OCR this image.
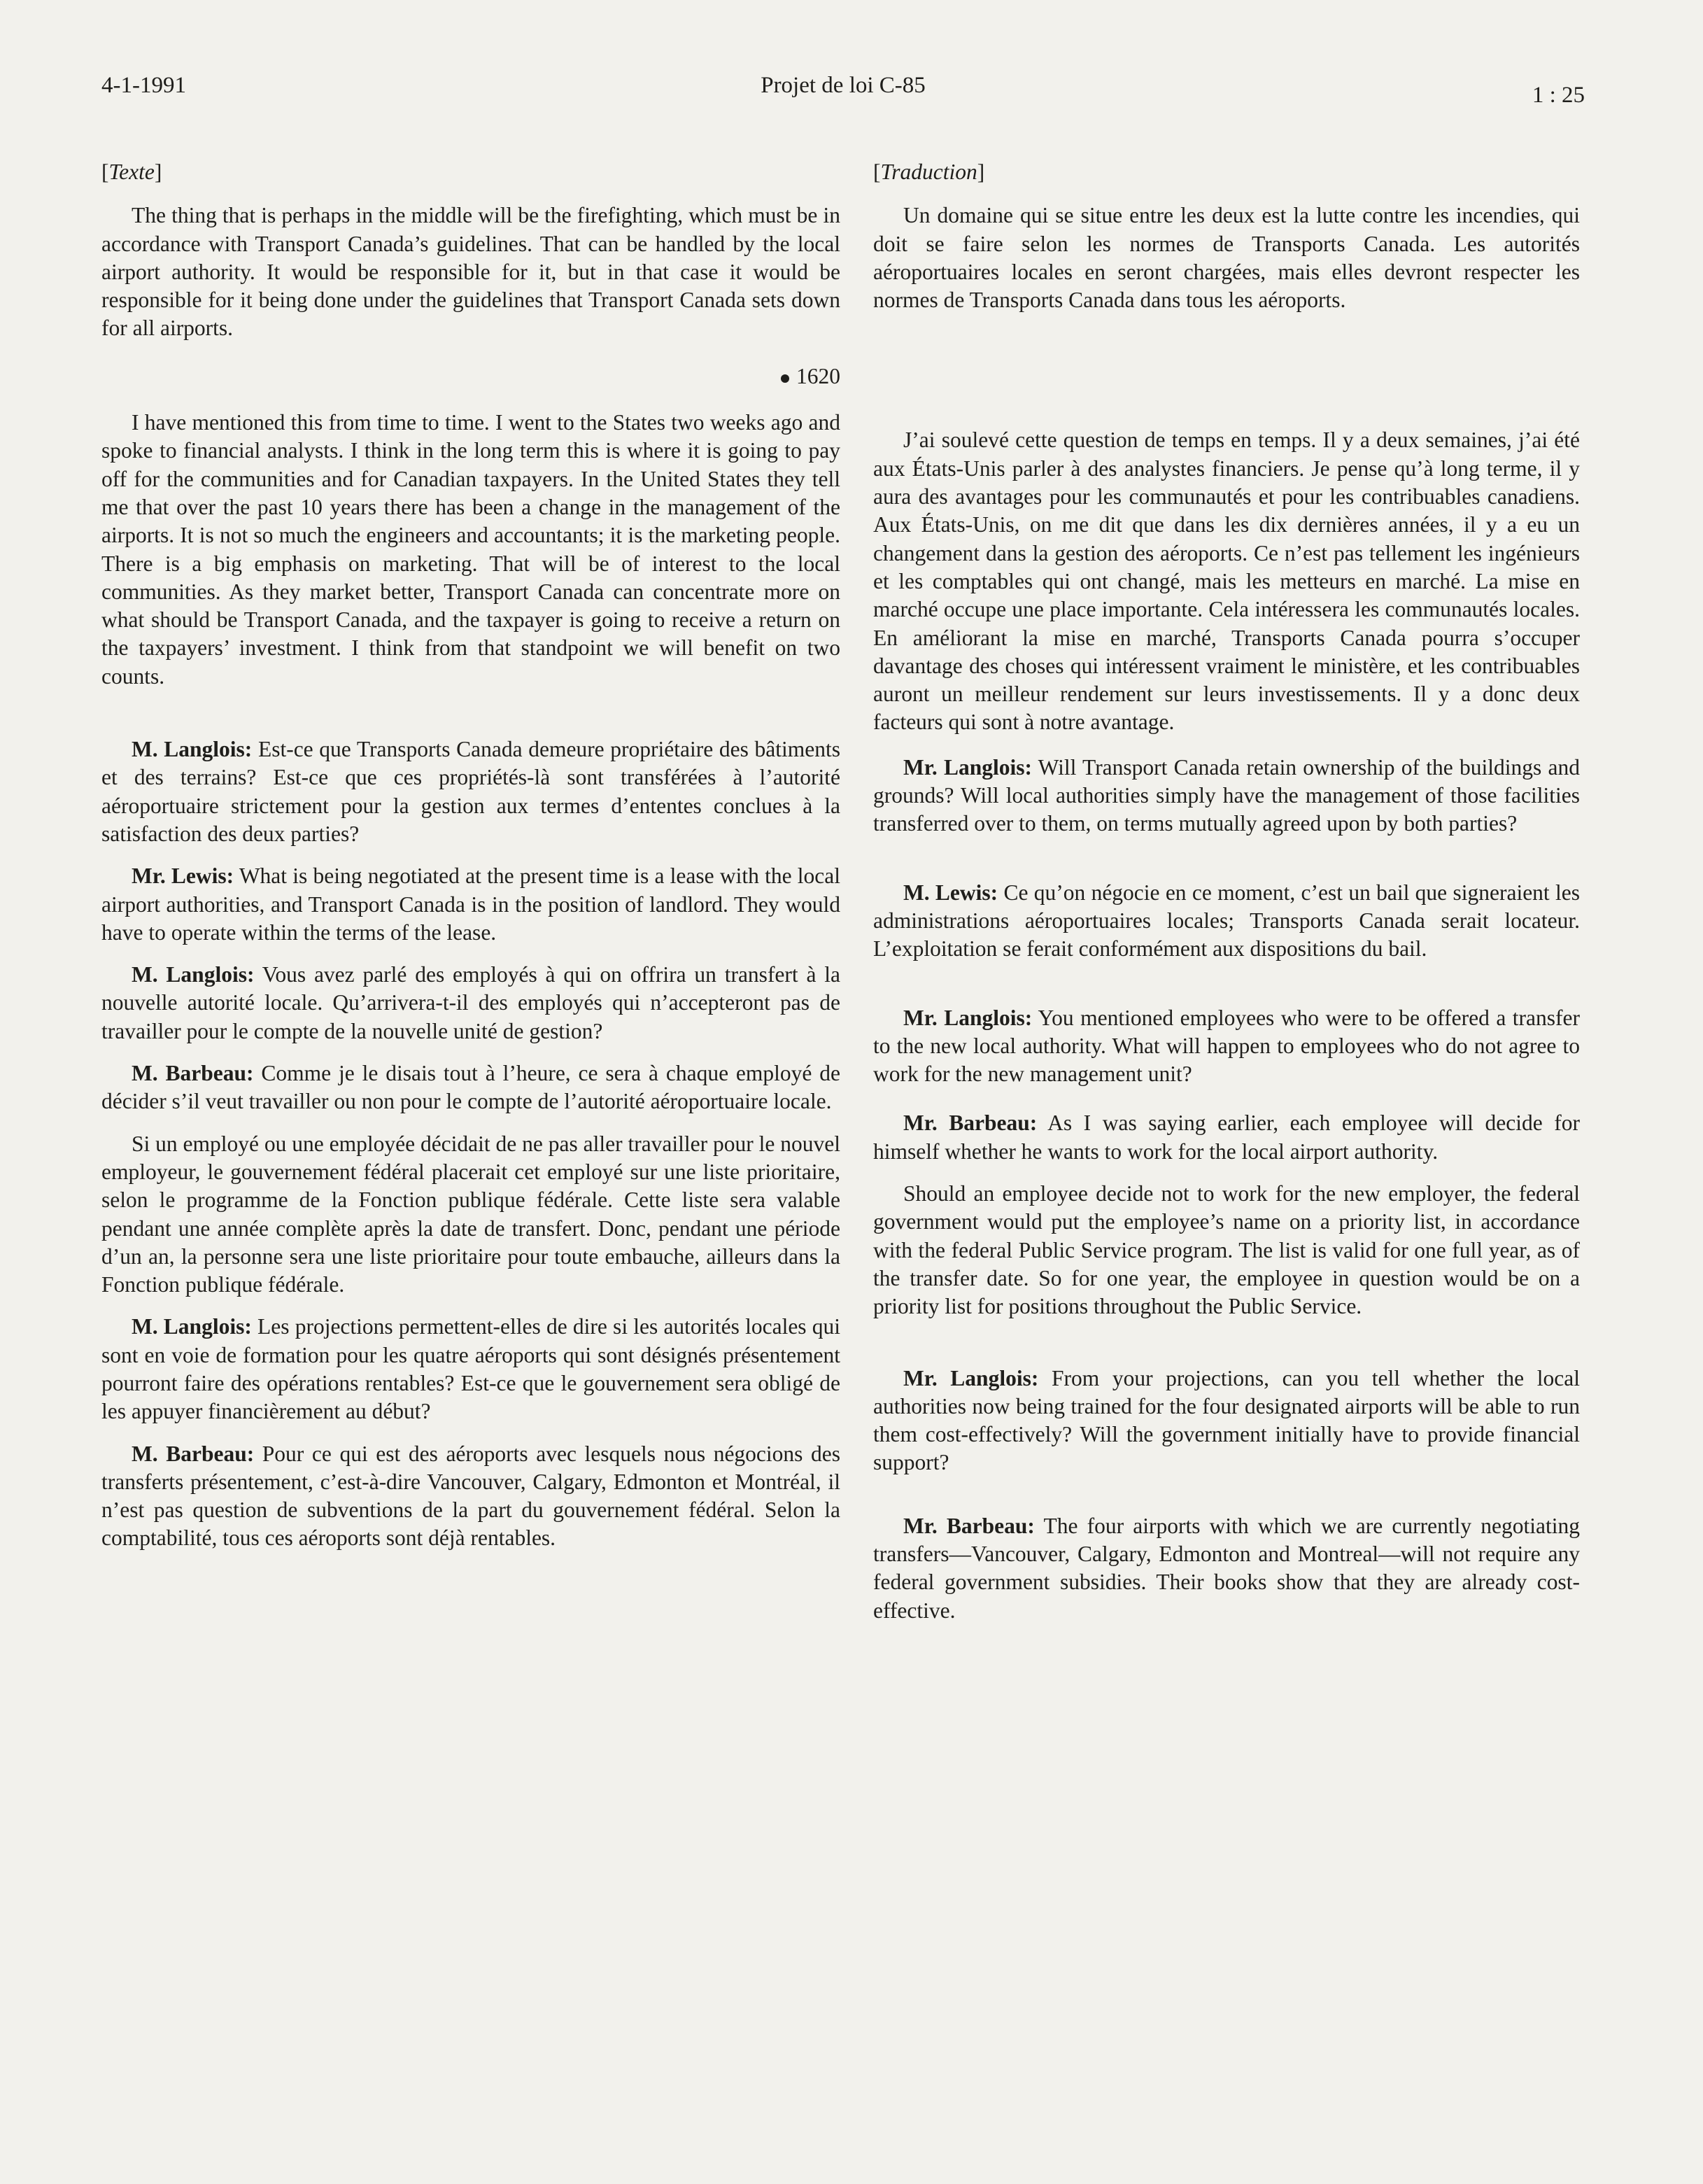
4-1-1991	Projet de loi C-85	1 : 25
[Texte]

The thing that is perhaps in the middle will be the firefighting, which must be in accordance with Transport Canada’s guidelines. That can be handled by the local airport authority. It would be responsible for it, but in that case it would be responsible for it being done under the guidelines that Transport Canada sets down for all airports.

1620

I have mentioned this from time to time. I went to the States two weeks ago and spoke to financial analysts. I think in the long term this is where it is going to pay off for the communities and for Canadian taxpayers. In the United States they tell me that over the past 10 years there has been a change in the management of the airports. It is not so much the engineers and accountants; it is the marketing people. There is a big emphasis on marketing. That will be of interest to the local communities. As they market better, Transport Canada can concentrate more on what should be Transport Canada, and the taxpayer is going to receive a return on the taxpayers’ investment. I think from that standpoint we will benefit on two counts.

M. Langlois: Est-ce que Transports Canada demeure propriétaire des bâtiments et des terrains? Est-ce que ces propriétés-là sont transférées à l’autorité aéroportuaire strictement pour la gestion aux termes d’ententes conclues à la satisfaction des deux parties?

Mr. Lewis: What is being negotiated at the present time is a lease with the local airport authorities, and Transport Canada is in the position of landlord. They would have to operate within the terms of the lease.

M. Langlois: Vous avez parlé des employés à qui on offrira un transfert à la nouvelle autorité locale. Qu’arrivera-t-il des employés qui n’accepteront pas de travailler pour le compte de la nouvelle unité de gestion?

M. Barbeau: Comme je le disais tout à l’heure, ce sera à chaque employé de décider s’il veut travailler ou non pour le compte de l’autorité aéroportuaire locale.

Si un employé ou une employée décidait de ne pas aller travailler pour le nouvel employeur, le gouvernement fédéral placerait cet employé sur une liste prioritaire, selon le programme de la Fonction publique fédérale. Cette liste sera valable pendant une année complète après la date de transfert. Donc, pendant une période d’un an, la personne sera une liste prioritaire pour toute embauche, ailleurs dans la Fonction publique fédérale.

M. Langlois: Les projections permettent-elles de dire si les autorités locales qui sont en voie de formation pour les quatre aéroports qui sont désignés présentement pourront faire des opérations rentables? Est-ce que le gouvernement sera obligé de les appuyer financièrement au début?

M. Barbeau: Pour ce qui est des aéroports avec lesquels nous négocions des transferts présentement, c’est-à-dire Vancouver, Calgary, Edmonton et Montréal, il n’est pas question de subventions de la part du gouvernement fédéral. Selon la comptabilité, tous ces aéroports sont déjà rentables.

[Traduction]

Un domaine qui se situe entre les deux est la lutte contre les incendies, qui doit se faire selon les normes de Transports Canada. Les autorités aéroportuaires locales en seront chargées, mais elles devront respecter les normes de Transports Canada dans tous les aéroports.

J’ai soulevé cette question de temps en temps. Il y a deux semaines, j’ai été aux États-Unis parler à des analystes financiers. Je pense qu’à long terme, il y aura des avantages pour les communautés et pour les contribuables canadiens. Aux États-Unis, on me dit que dans les dix dernières années, il y a eu un changement dans la gestion des aéroports. Ce n’est pas tellement les ingénieurs et les comptables qui ont changé, mais les metteurs en marché. La mise en marché occupe une place importante. Cela intéressera les communautés locales. En améliorant la mise en marché, Transports Canada pourra s’occuper davantage des choses qui intéressent vraiment le ministère, et les contribuables auront un meilleur rendement sur leurs investissements. Il y a donc deux facteurs qui sont à notre avantage.

Mr. Langlois: Will Transport Canada retain ownership of the buildings and grounds? Will local authorities simply have the management of those facilities transferred over to them, on terms mutually agreed upon by both parties?

M. Lewis: Ce qu’on négocie en ce moment, c’est un bail que signeraient les administrations aéroportuaires locales; Transports Canada serait locateur. L’exploitation se ferait conformément aux dispositions du bail.

Mr. Langlois: You mentioned employees who were to be offered a transfer to the new local authority. What will happen to employees who do not agree to work for the new management unit?

Mr. Barbeau: As I was saying earlier, each employee will decide for himself whether he wants to work for the local airport authority.

Should an employee decide not to work for the new employer, the federal government would put the employee’s name on a priority list, in accordance with the federal Public Service program. The list is valid for one full year, as of the transfer date. So for one year, the employee in question would be on a priority list for positions throughout the Public Service.

Mr. Langlois: From your projections, can you tell whether the local authorities now being trained for the four designated airports will be able to run them cost-effectively? Will the government initially have to provide financial support?

Mr. Barbeau: The four airports with which we are currently negotiating transfers—Vancouver, Calgary, Edmonton and Montreal—will not require any federal government subsidies. Their books show that they are already cost-effective.
